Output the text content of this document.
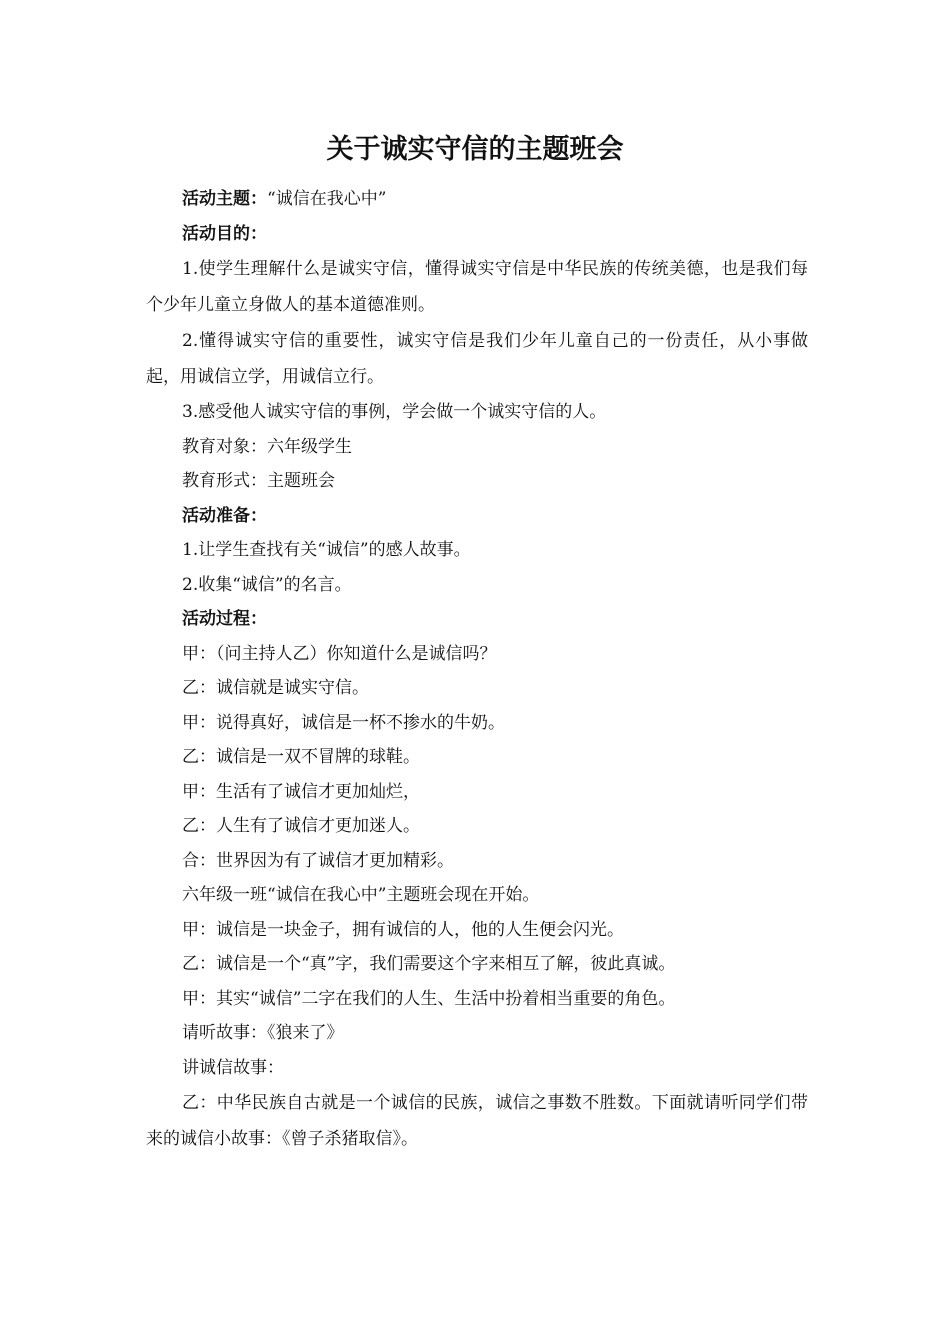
关于诚实守信的主题班会

活动主题：“诚信在我心中”

活动目的：

1.使学生理解什么是诚实守信，懂得诚实守信是中华民族的传统美德，也是我们每个少年儿童立身做人的基本道德准则。

2.懂得诚实守信的重要性，诚实守信是我们少年儿童自己的一份责任，从小事做起，用诚信立学，用诚信立行。

3.感受他人诚实守信的事例，学会做一个诚实守信的人。

教育对象：六年级学生

教育形式：主题班会

活动准备：

1.让学生查找有关“诚信”的感人故事。

2.收集“诚信”的名言。

活动过程：

甲：（问主持人乙）你知道什么是诚信吗？

乙：诚信就是诚实守信。

甲：说得真好，诚信是一杯不掺水的牛奶。

乙：诚信是一双不冒牌的球鞋。

甲：生活有了诚信才更加灿烂，

乙：人生有了诚信才更加迷人。

合：世界因为有了诚信才更加精彩。

六年级一班“诚信在我心中”主题班会现在开始。

甲：诚信是一块金子，拥有诚信的人，他的人生便会闪光。

乙：诚信是一个“真”字，我们需要这个字来相互了解，彼此真诚。

甲：其实“诚信”二字在我们的人生、生活中扮着相当重要的角色。

请听故事：《狼来了》

讲诚信故事：

乙：中华民族自古就是一个诚信的民族，诚信之事数不胜数。下面就请听同学们带来的诚信小故事：《曾子杀猪取信》。
